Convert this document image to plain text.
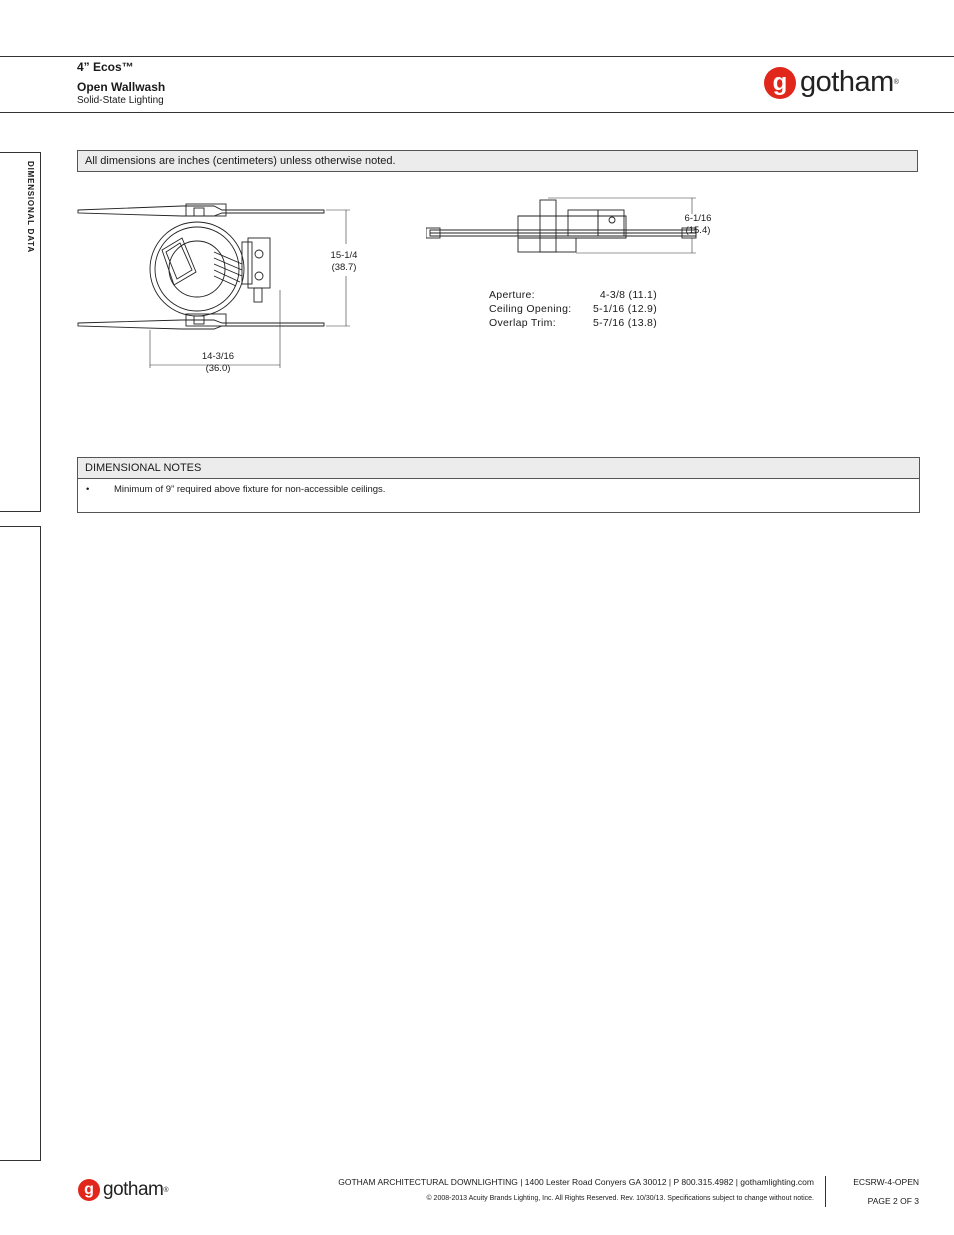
4” Ecos™
Open Wallwash
Solid-State Lighting
g gotham ®
DIMENSIONAL DATA	All dimensions are inches (centimeters) unless otherwise noted.
15-1/4
(38.7)
14-3/16
(36.0)
6-1/16
(15.4)
Aperture:	4-3/8 (11.1)
Ceiling Opening:	5-1/16 (12.9)
Overlap Trim:	5-7/16 (13.8)
DIMENSIONAL NOTES
•	Minimum of 9” required above fixture for non-accessible ceilings.
g gotham ®
GOTHAM ARCHITECTURAL DOWNLIGHTING | 1400 Lester Road Conyers GA 30012 | P 800.315.4982 | gothamlighting.com
© 2008-2013 Acuity Brands Lighting, Inc. All Rights Reserved. Rev. 10/30/13. Specifications subject to change without notice.
ECSRW-4-OPEN
PAGE 2 OF 3
